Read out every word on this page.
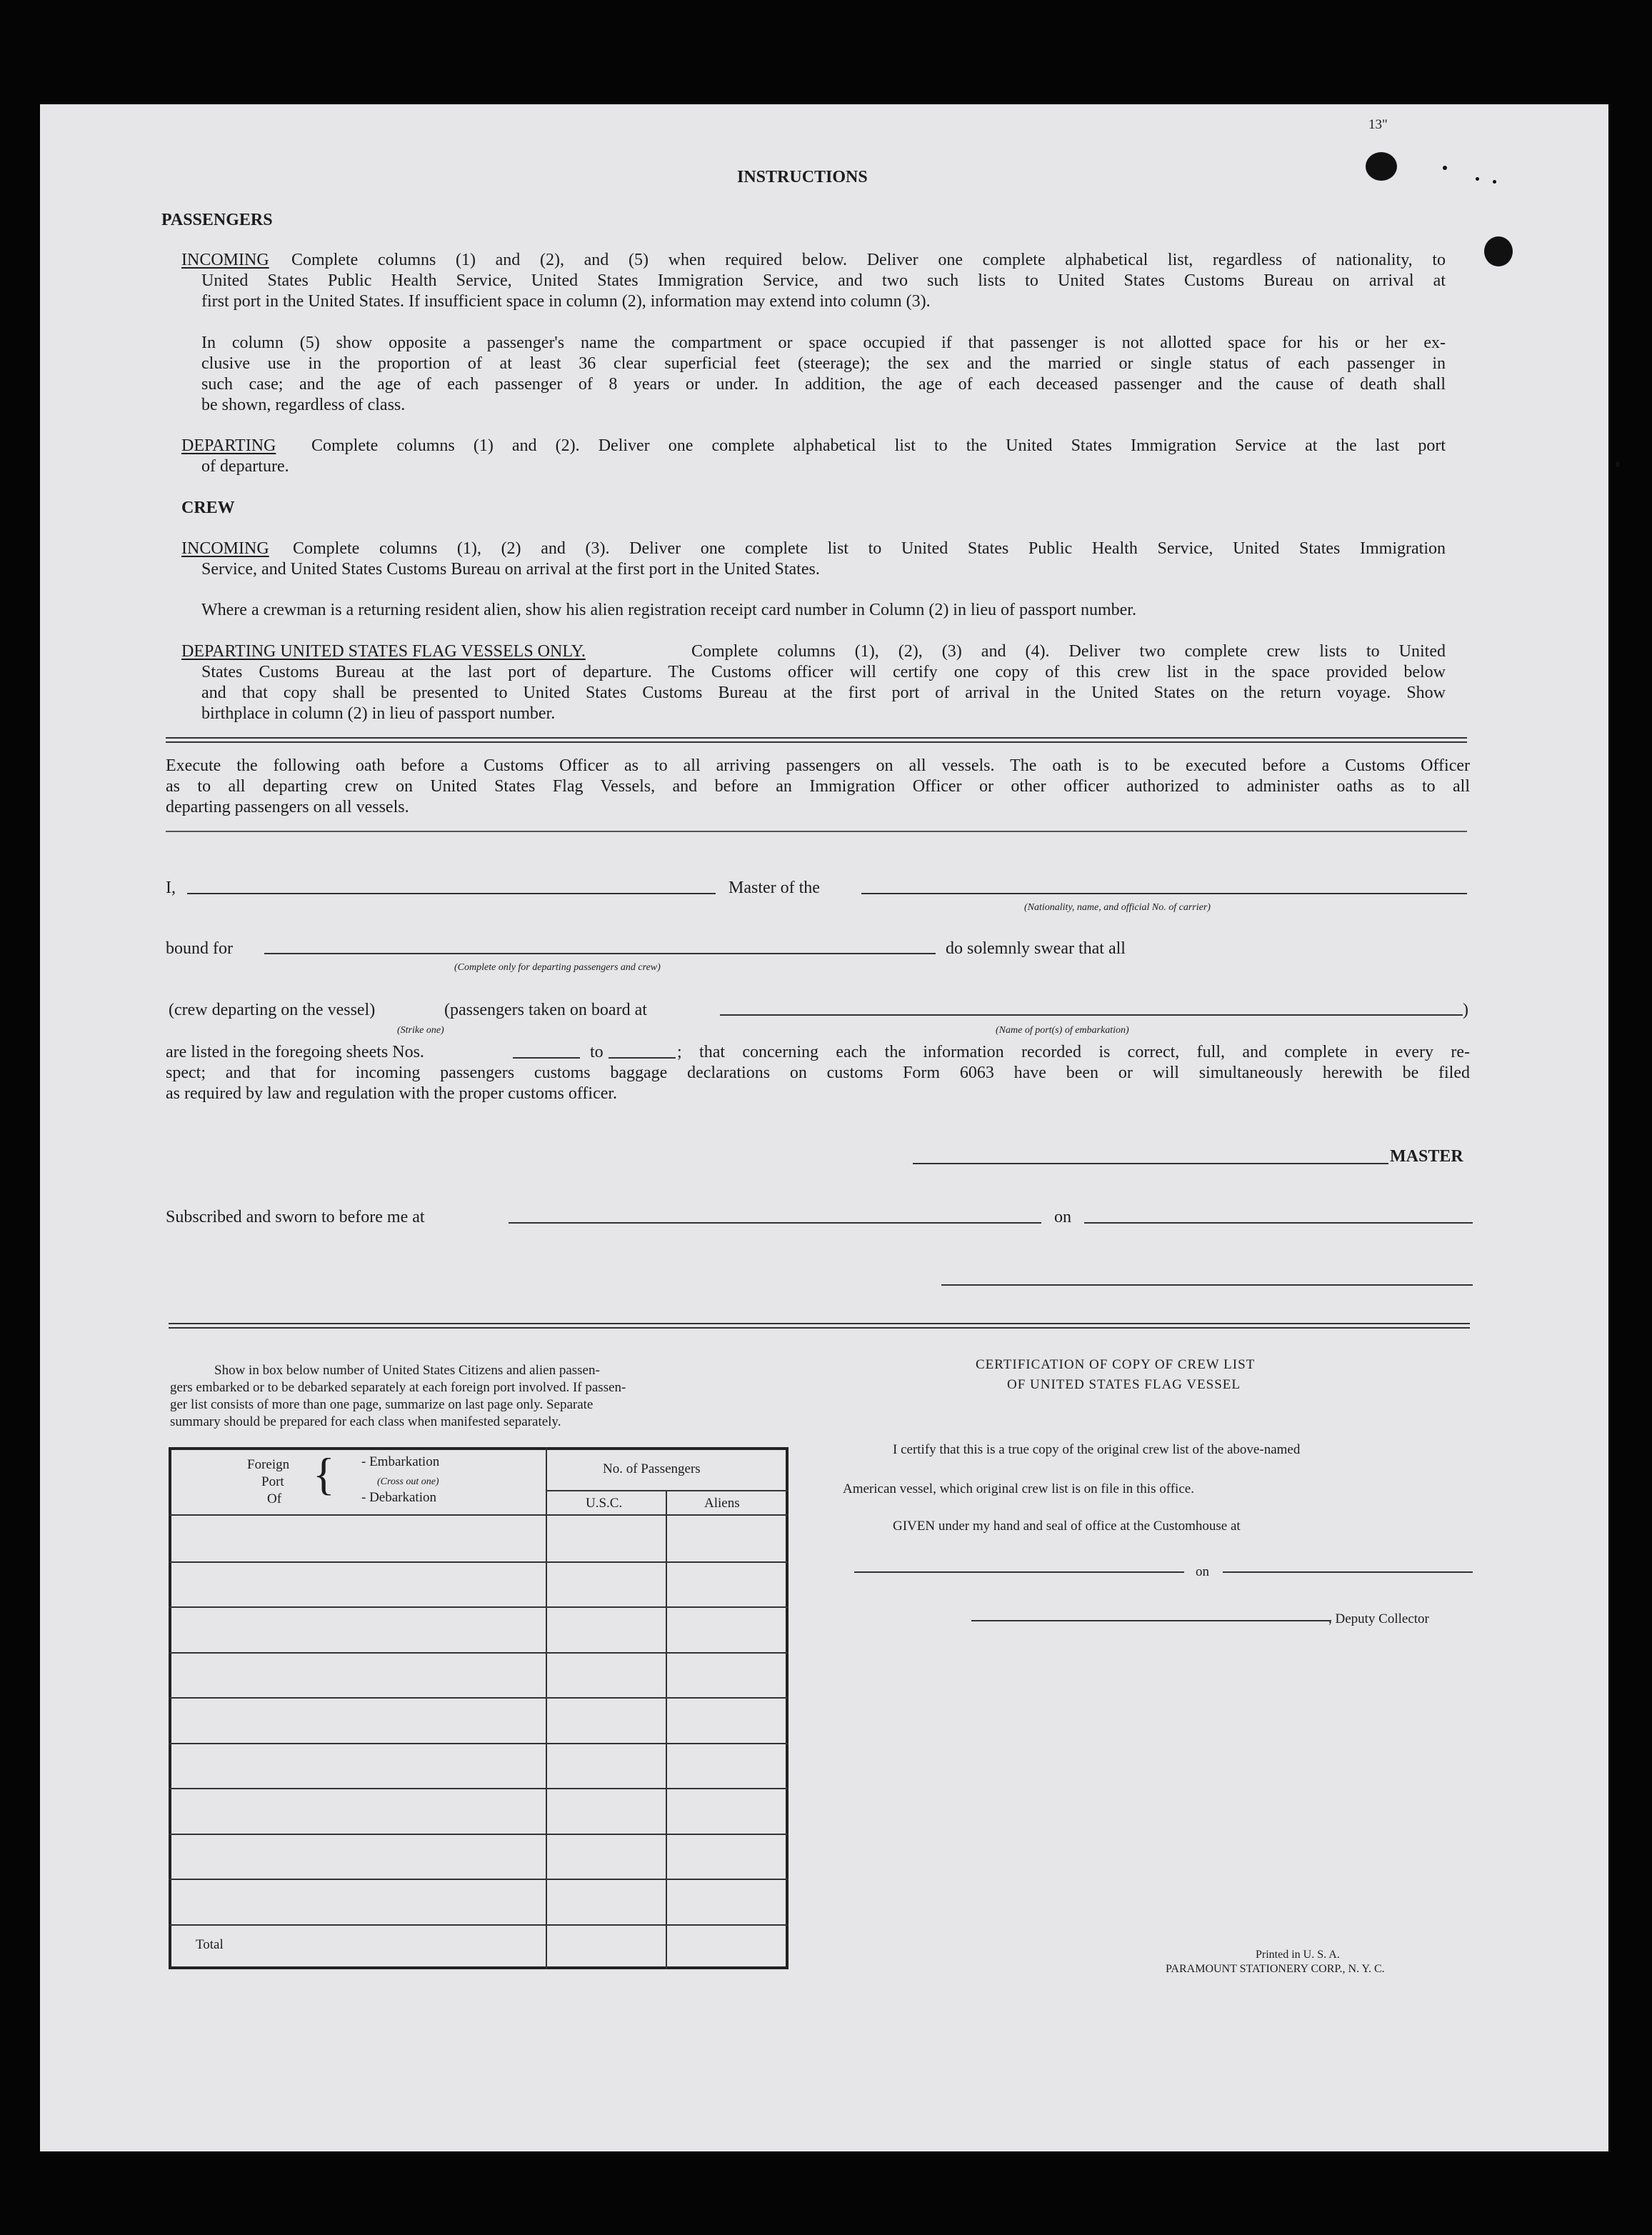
13"
INSTRUCTIONS
PASSENGERS
INCOMING Complete columns (1) and (2), and (5) when required below. Deliver one complete alphabetical list, regardless of nationality, to
United States Public Health Service, United States Immigration Service, and two such lists to United States Customs Bureau on arrival at
first port in the United States. If insufficient space in column (2), information may extend into column (3).
In column (5) show opposite a passenger's name the compartment or space occupied if that passenger is not allotted space for his or her ex-
clusive use in the proportion of at least 36 clear superficial feet (steerage); the sex and the married or single status of each passenger in
such case; and the age of each passenger of 8 years or under. In addition, the age of each deceased passenger and the cause of death shall
be shown, regardless of class.
DEPARTING Complete columns (1) and (2). Deliver one complete alphabetical list to the United States Immigration Service at the last port
of departure.
CREW
INCOMING Complete columns (1), (2) and (3). Deliver one complete list to United States Public Health Service, United States Immigration
Service, and United States Customs Bureau on arrival at the first port in the United States.
Where a crewman is a returning resident alien, show his alien registration receipt card number in Column (2) in lieu of passport number.
DEPARTING UNITED STATES FLAG VESSELS ONLY.	Complete columns (1), (2), (3) and (4). Deliver two complete crew lists to United
States Customs Bureau at the last port of departure. The Customs officer will certify one copy of this crew list in the space provided below
and that copy shall be presented to United States Customs Bureau at the first port of arrival in the United States on the return voyage. Show
birthplace in column (2) in lieu of passport number.
Execute the following oath before a Customs Officer as to all arriving passengers on all vessels. The oath is to be executed before a Customs Officer
as to all departing crew on United States Flag Vessels, and before an Immigration Officer or other officer authorized to administer oaths as to all
departing passengers on all vessels.
I,	Master of the
(Nationality, name, and official No. of carrier)
bound for
(Complete only for departing passengers and crew)
do solemnly swear that all
(crew departing on the vessel)
(Strike one)
(passengers taken on board at
(Name of port(s) of embarkation)
)
are listed in the foregoing sheets Nos.	to	; that concerning each the information recorded is correct, full, and complete in every re-
spect; and that for incoming passengers customs baggage declarations on customs Form 6063 have been or will simultaneously herewith be filed
as required by law and regulation with the proper customs officer.
MASTER
Subscribed and sworn to before me at	on
Show in box below number of United States Citizens and alien passen-
gers embarked or to be debarked separately at each foreign port involved. If passen-
ger list consists of more than one page, summarize on last page only. Separate
summary should be prepared for each class when manifested separately.
Foreign
Port
Of { - Embarkation
(Cross out one)
- Debarkation
No. of Passengers
U.S.C.	Aliens
Total
CERTIFICATION OF COPY OF CREW LIST
OF UNITED STATES FLAG VESSEL
I certify that this is a true copy of the original crew list of the above-named
American vessel, which original crew list is on file in this office.
GIVEN under my hand and seal of office at the Customhouse at
on
, Deputy Collector
Printed in U. S. A.
PARAMOUNT STATIONERY CORP., N. Y. C.
